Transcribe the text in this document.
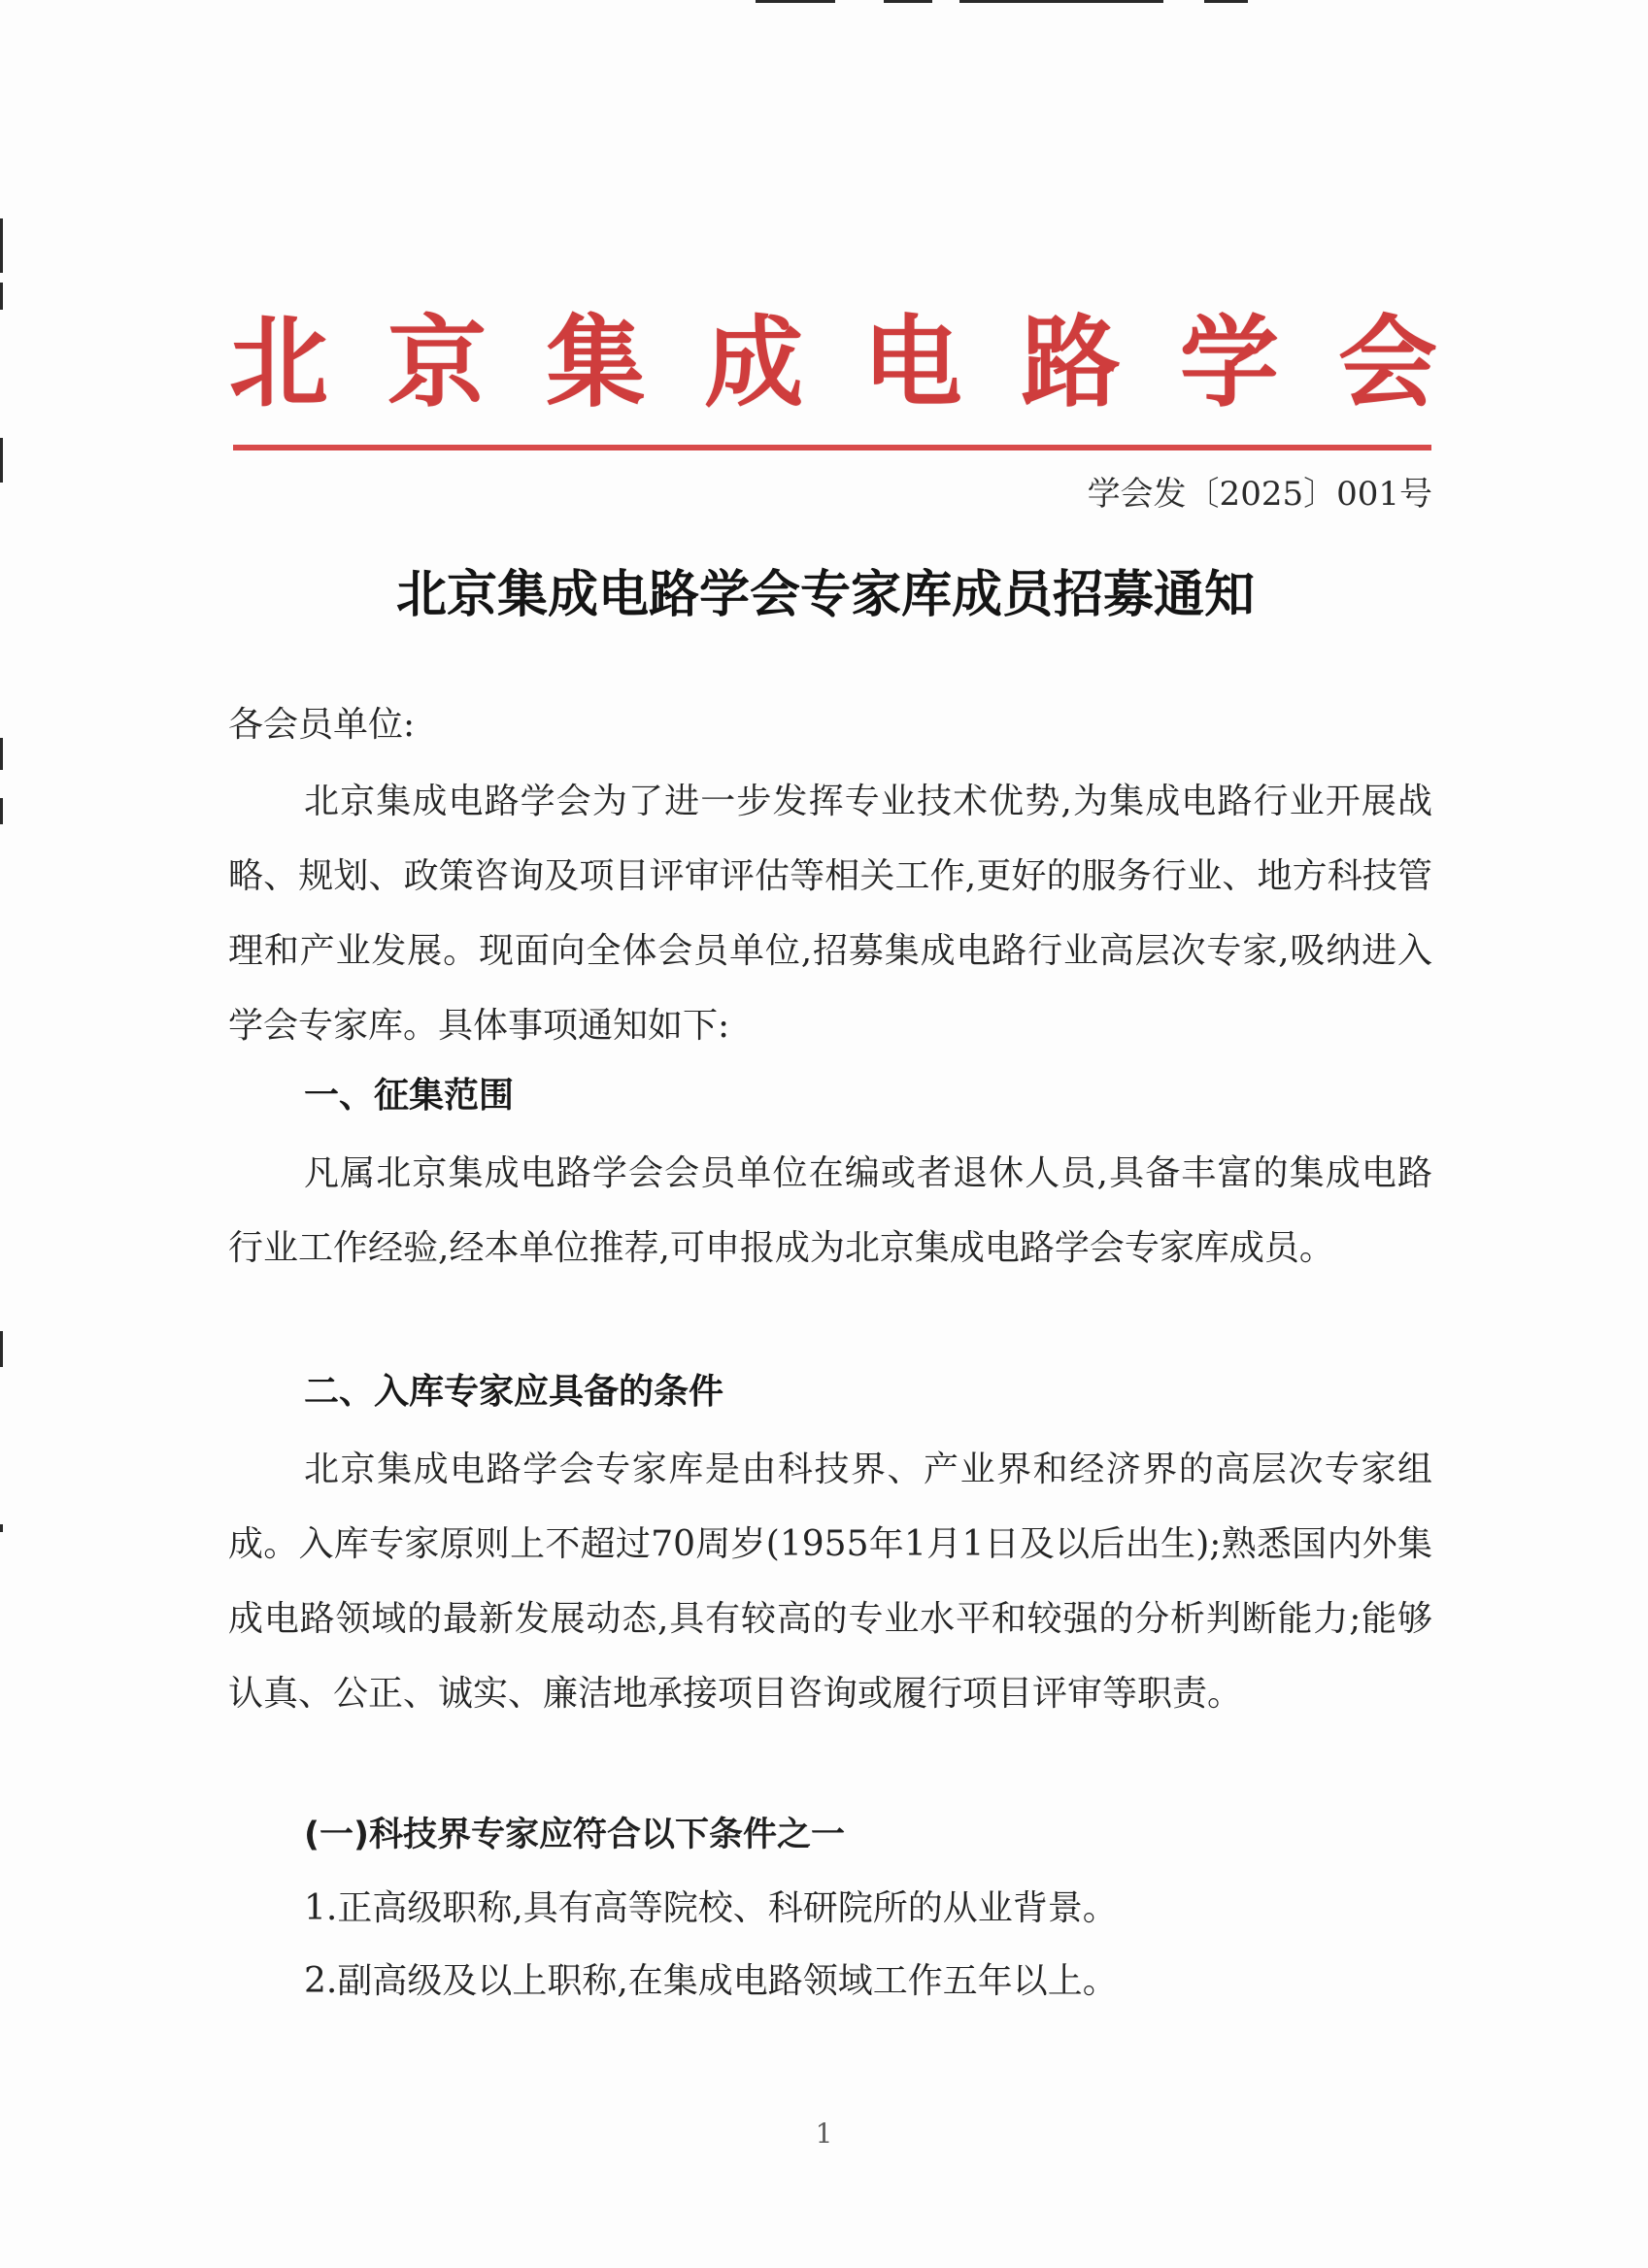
北 京 集 成 电 路 学 会
学会发〔2025〕001号
北京集成电路学会专家库成员招募通知
各会员单位:
北京集成电路学会为了进一步发挥专业技术优势,为集成电路行业开展战略、规划、政策咨询及项目评审评估等相关工作,更好的服务行业、地方科技管理和产业发展。现面向全体会员单位,招募集成电路行业高层次专家,吸纳进入学会专家库。具体事项通知如下:
一、征集范围
凡属北京集成电路学会会员单位在编或者退休人员,具备丰富的集成电路行业工作经验,经本单位推荐,可申报成为北京集成电路学会专家库成员。
二、入库专家应具备的条件
北京集成电路学会专家库是由科技界、产业界和经济界的高层次专家组成。入库专家原则上不超过70周岁(1955年1月1日及以后出生);熟悉国内外集成电路领域的最新发展动态,具有较高的专业水平和较强的分析判断能力;能够认真、公正、诚实、廉洁地承接项目咨询或履行项目评审等职责。
(一)科技界专家应符合以下条件之一
1.正高级职称,具有高等院校、科研院所的从业背景。
2.副高级及以上职称,在集成电路领域工作五年以上。
1
